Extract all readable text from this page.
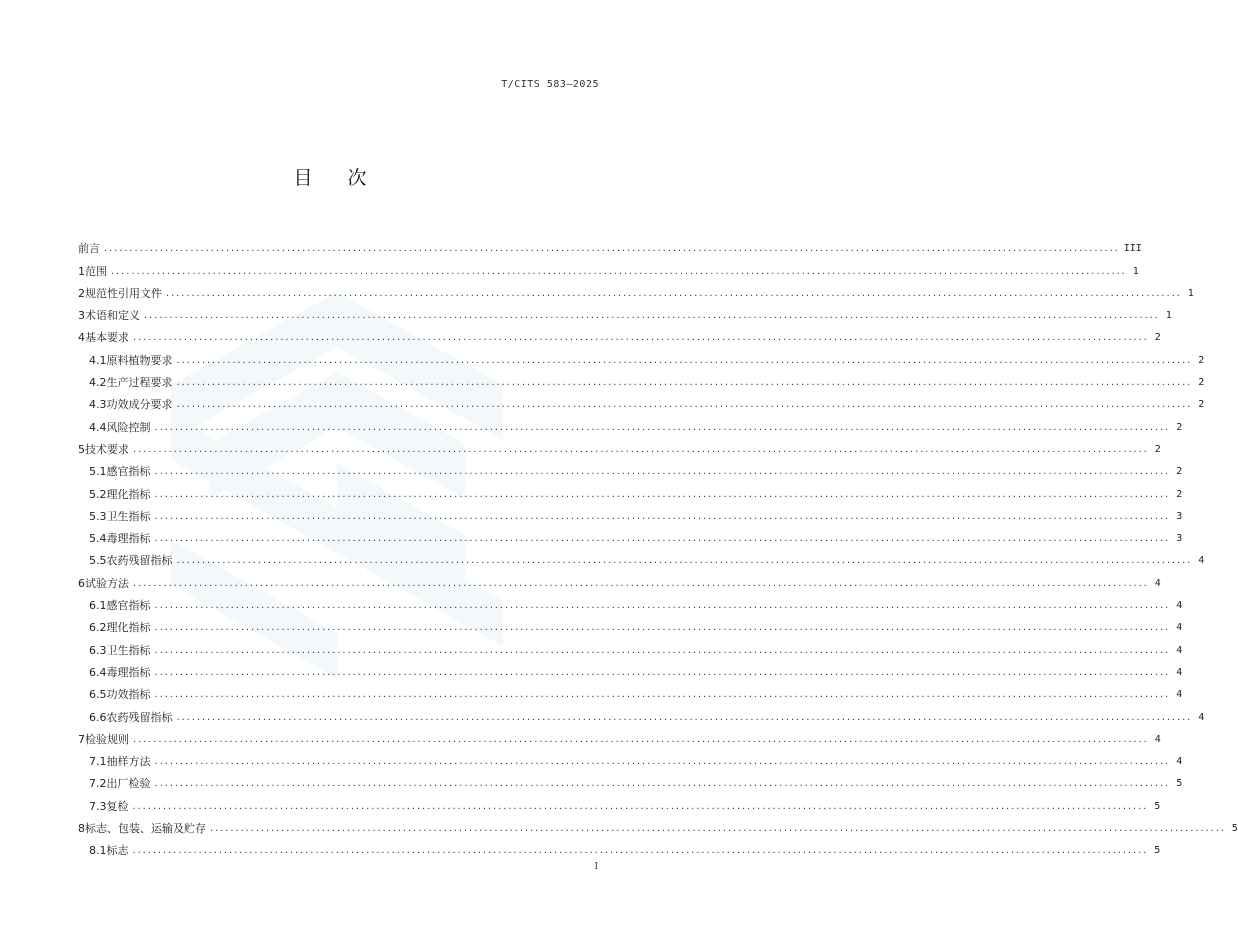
T/CITS 583—2025
目 次
前言 ........................................................................................................................................................................................................ III
1 范围 ........................................................................................................................................................................................................ 1
2 规范性引用文件 ........................................................................................................................................................................................................ 1
3 术语和定义 ........................................................................................................................................................................................................ 1
4 基本要求 ........................................................................................................................................................................................................ 2
4.1 原料植物要求 ........................................................................................................................................................................................................ 2
4.2 生产过程要求 ........................................................................................................................................................................................................ 2
4.3 功效成分要求 ........................................................................................................................................................................................................ 2
4.4 风险控制 ........................................................................................................................................................................................................ 2
5 技术要求 ........................................................................................................................................................................................................ 2
5.1 感官指标 ........................................................................................................................................................................................................ 2
5.2 理化指标 ........................................................................................................................................................................................................ 2
5.3 卫生指标 ........................................................................................................................................................................................................ 3
5.4 毒理指标 ........................................................................................................................................................................................................ 3
5.5 农药残留指标 ........................................................................................................................................................................................................ 4
6 试验方法 ........................................................................................................................................................................................................ 4
6.1 感官指标 ........................................................................................................................................................................................................ 4
6.2 理化指标 ........................................................................................................................................................................................................ 4
6.3 卫生指标 ........................................................................................................................................................................................................ 4
6.4 毒理指标 ........................................................................................................................................................................................................ 4
6.5 功效指标 ........................................................................................................................................................................................................ 4
6.6 农药残留指标 ........................................................................................................................................................................................................ 4
7 检验规则 ........................................................................................................................................................................................................ 4
7.1 抽样方法 ........................................................................................................................................................................................................ 4
7.2 出厂检验 ........................................................................................................................................................................................................ 5
7.3 复检 ........................................................................................................................................................................................................ 5
8 标志、包装、运输及贮存 ........................................................................................................................................................................................................ 5
8.1 标志 ........................................................................................................................................................................................................ 5
I
